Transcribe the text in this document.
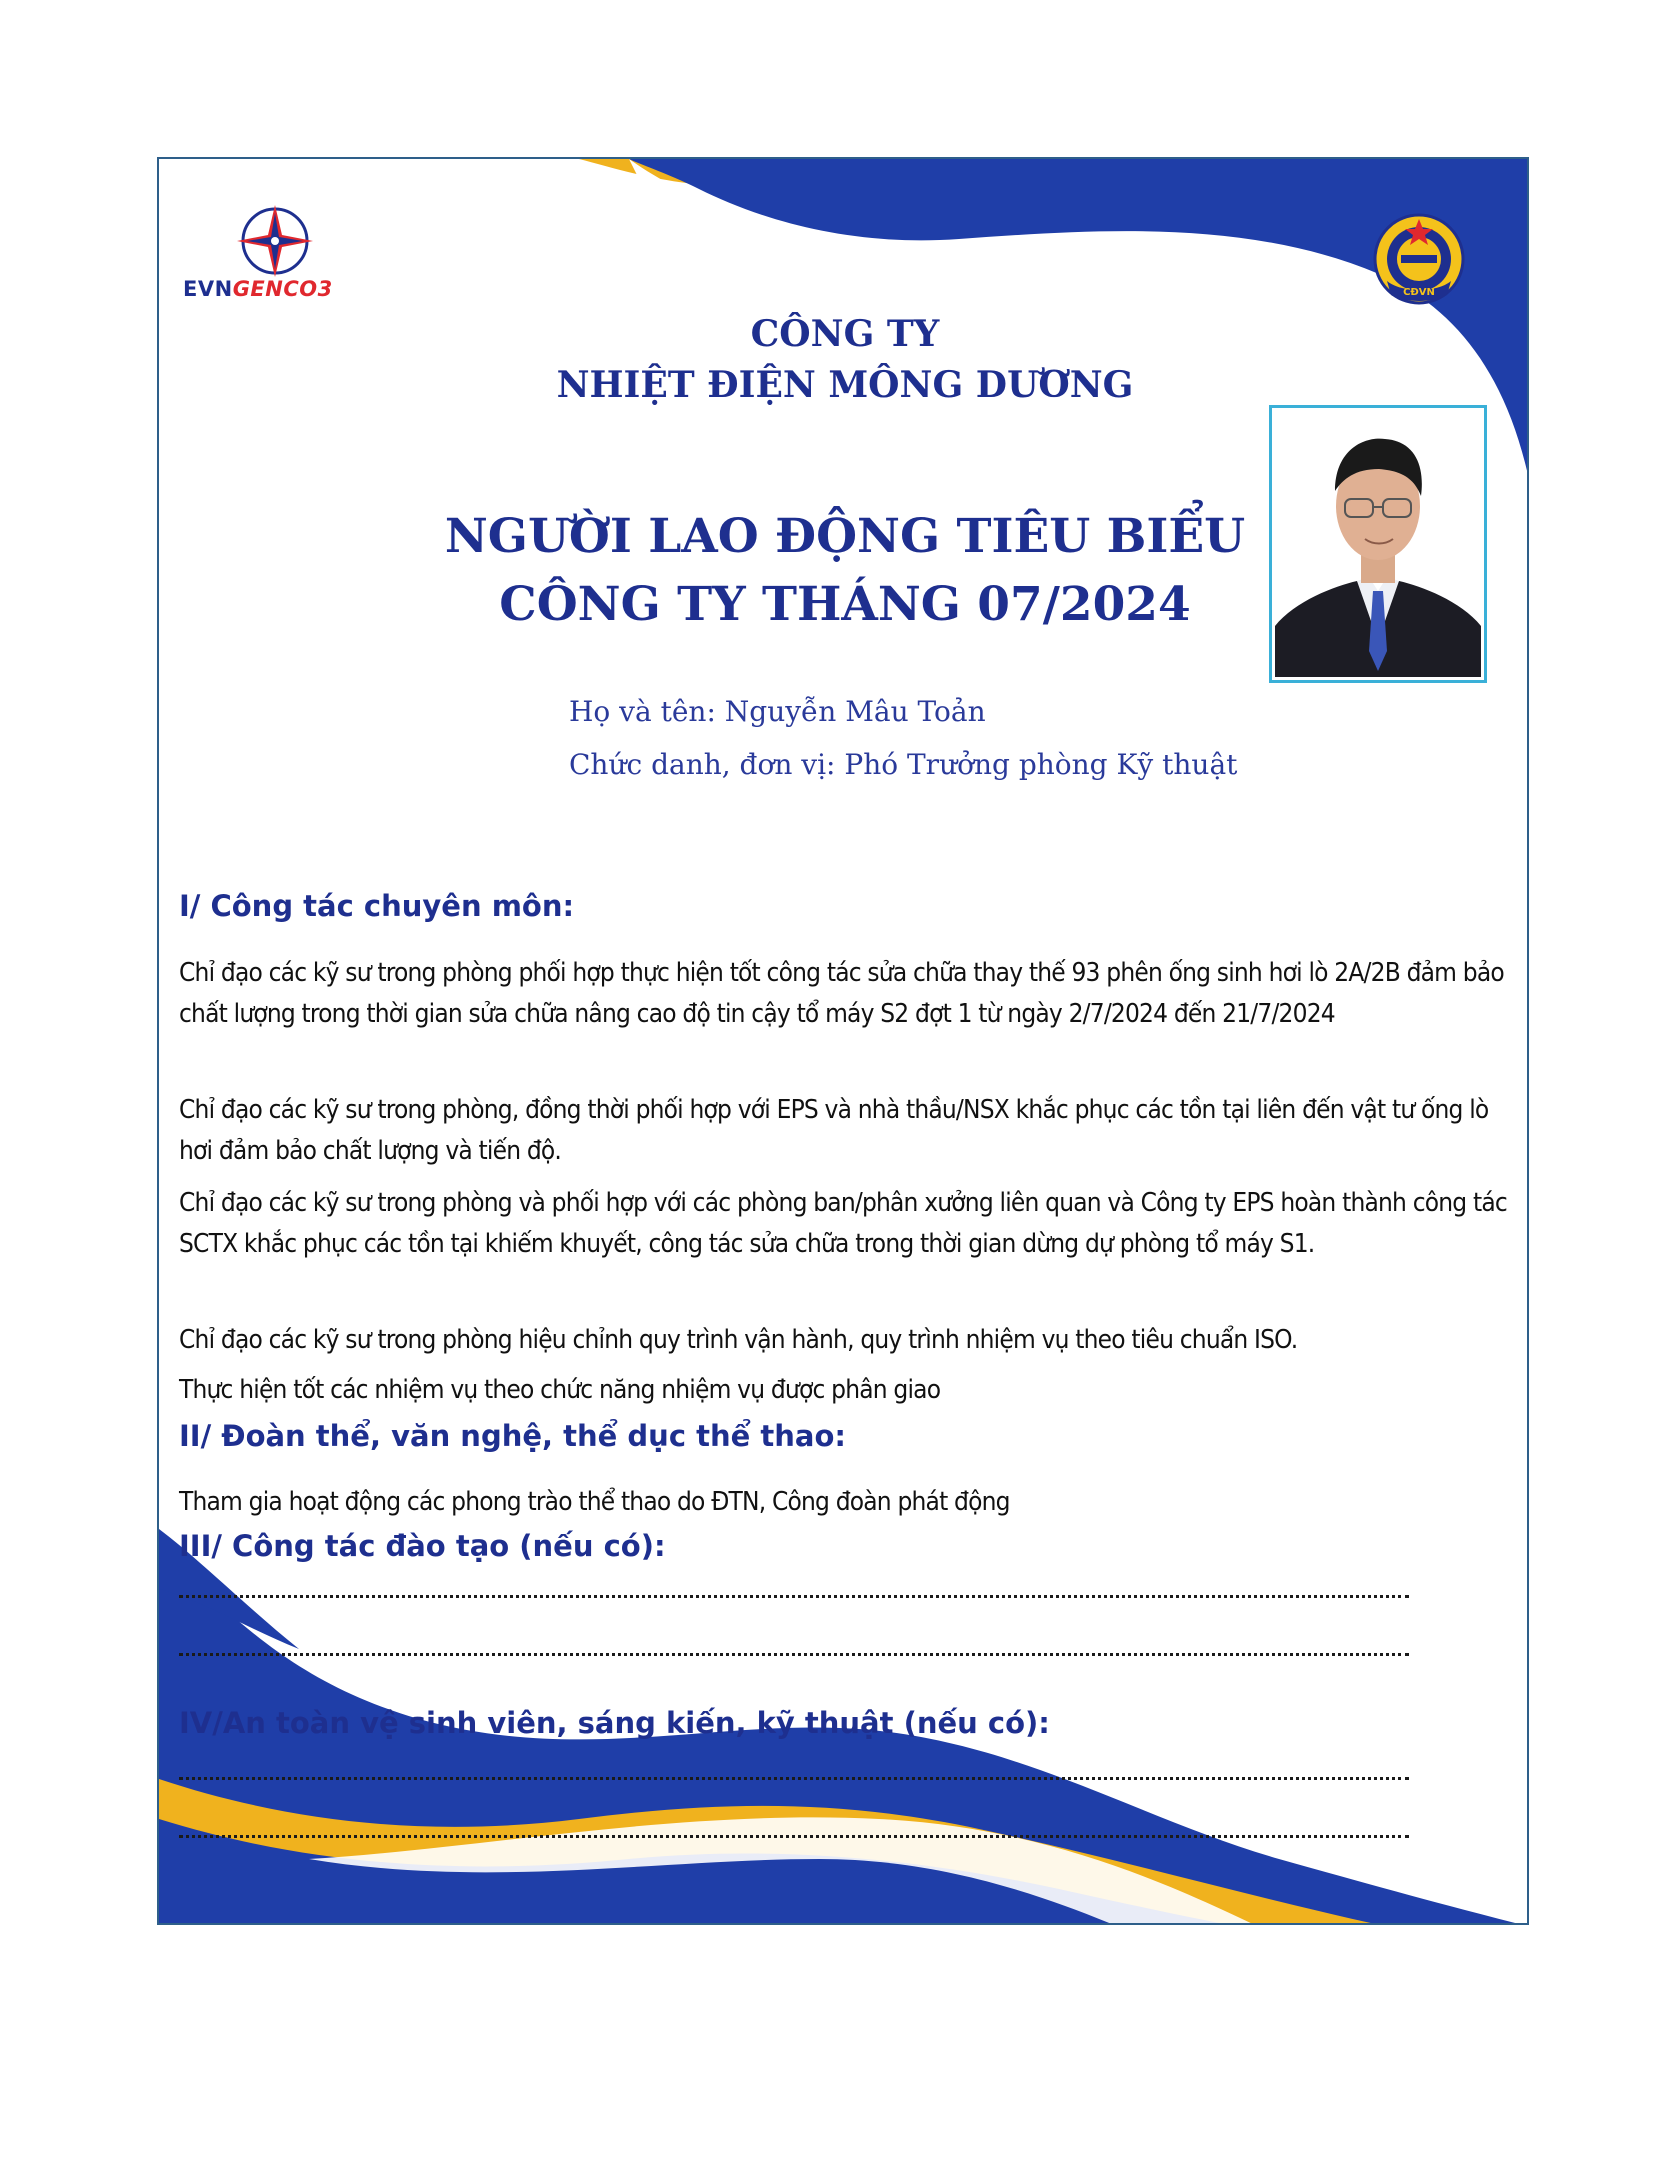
EVNGENCO3	CĐVN
CÔNG TY
NHIỆT ĐIỆN MÔNG DƯƠNG
NGƯỜI LAO ĐỘNG TIÊU BIỂU
CÔNG TY THÁNG 07/2024
Họ và tên: Nguyễn Mâu Toản
Chức danh, đơn vị: Phó Trưởng phòng Kỹ thuật
I/ Công tác chuyên môn:
Chỉ đạo các kỹ sư trong phòng phối hợp thực hiện tốt công tác sửa chữa thay thế 93 phên ống sinh hơi lò 2A/2B đảm bảo chất lượng trong thời gian sửa chữa nâng cao độ tin cậy tổ máy S2 đợt 1 từ ngày 2/7/2024 đến 21/7/2024
Chỉ đạo các kỹ sư trong phòng, đồng thời phối hợp với EPS và nhà thầu/NSX khắc phục các tồn tại liên đến vật tư ống lò hơi đảm bảo chất lượng và tiến độ.
Chỉ đạo các kỹ sư trong phòng và phối hợp với các phòng ban/phân xưởng liên quan và Công ty EPS hoàn thành công tác SCTX khắc phục các tồn tại khiếm khuyết, công tác sửa chữa trong thời gian dừng dự phòng tổ máy S1.
Chỉ đạo các kỹ sư trong phòng hiệu chỉnh quy trình vận hành, quy trình nhiệm vụ theo tiêu chuẩn ISO.
Thực hiện tốt các nhiệm vụ theo chức năng nhiệm vụ được phân giao
II/ Đoàn thể, văn nghệ, thể dục thể thao:
Tham gia hoạt động các phong trào thể thao do ĐTN, Công đoàn phát động
III/ Công tác đào tạo (nếu có):
IV/An toàn vệ sinh viên, sáng kiến, kỹ thuật (nếu có):
